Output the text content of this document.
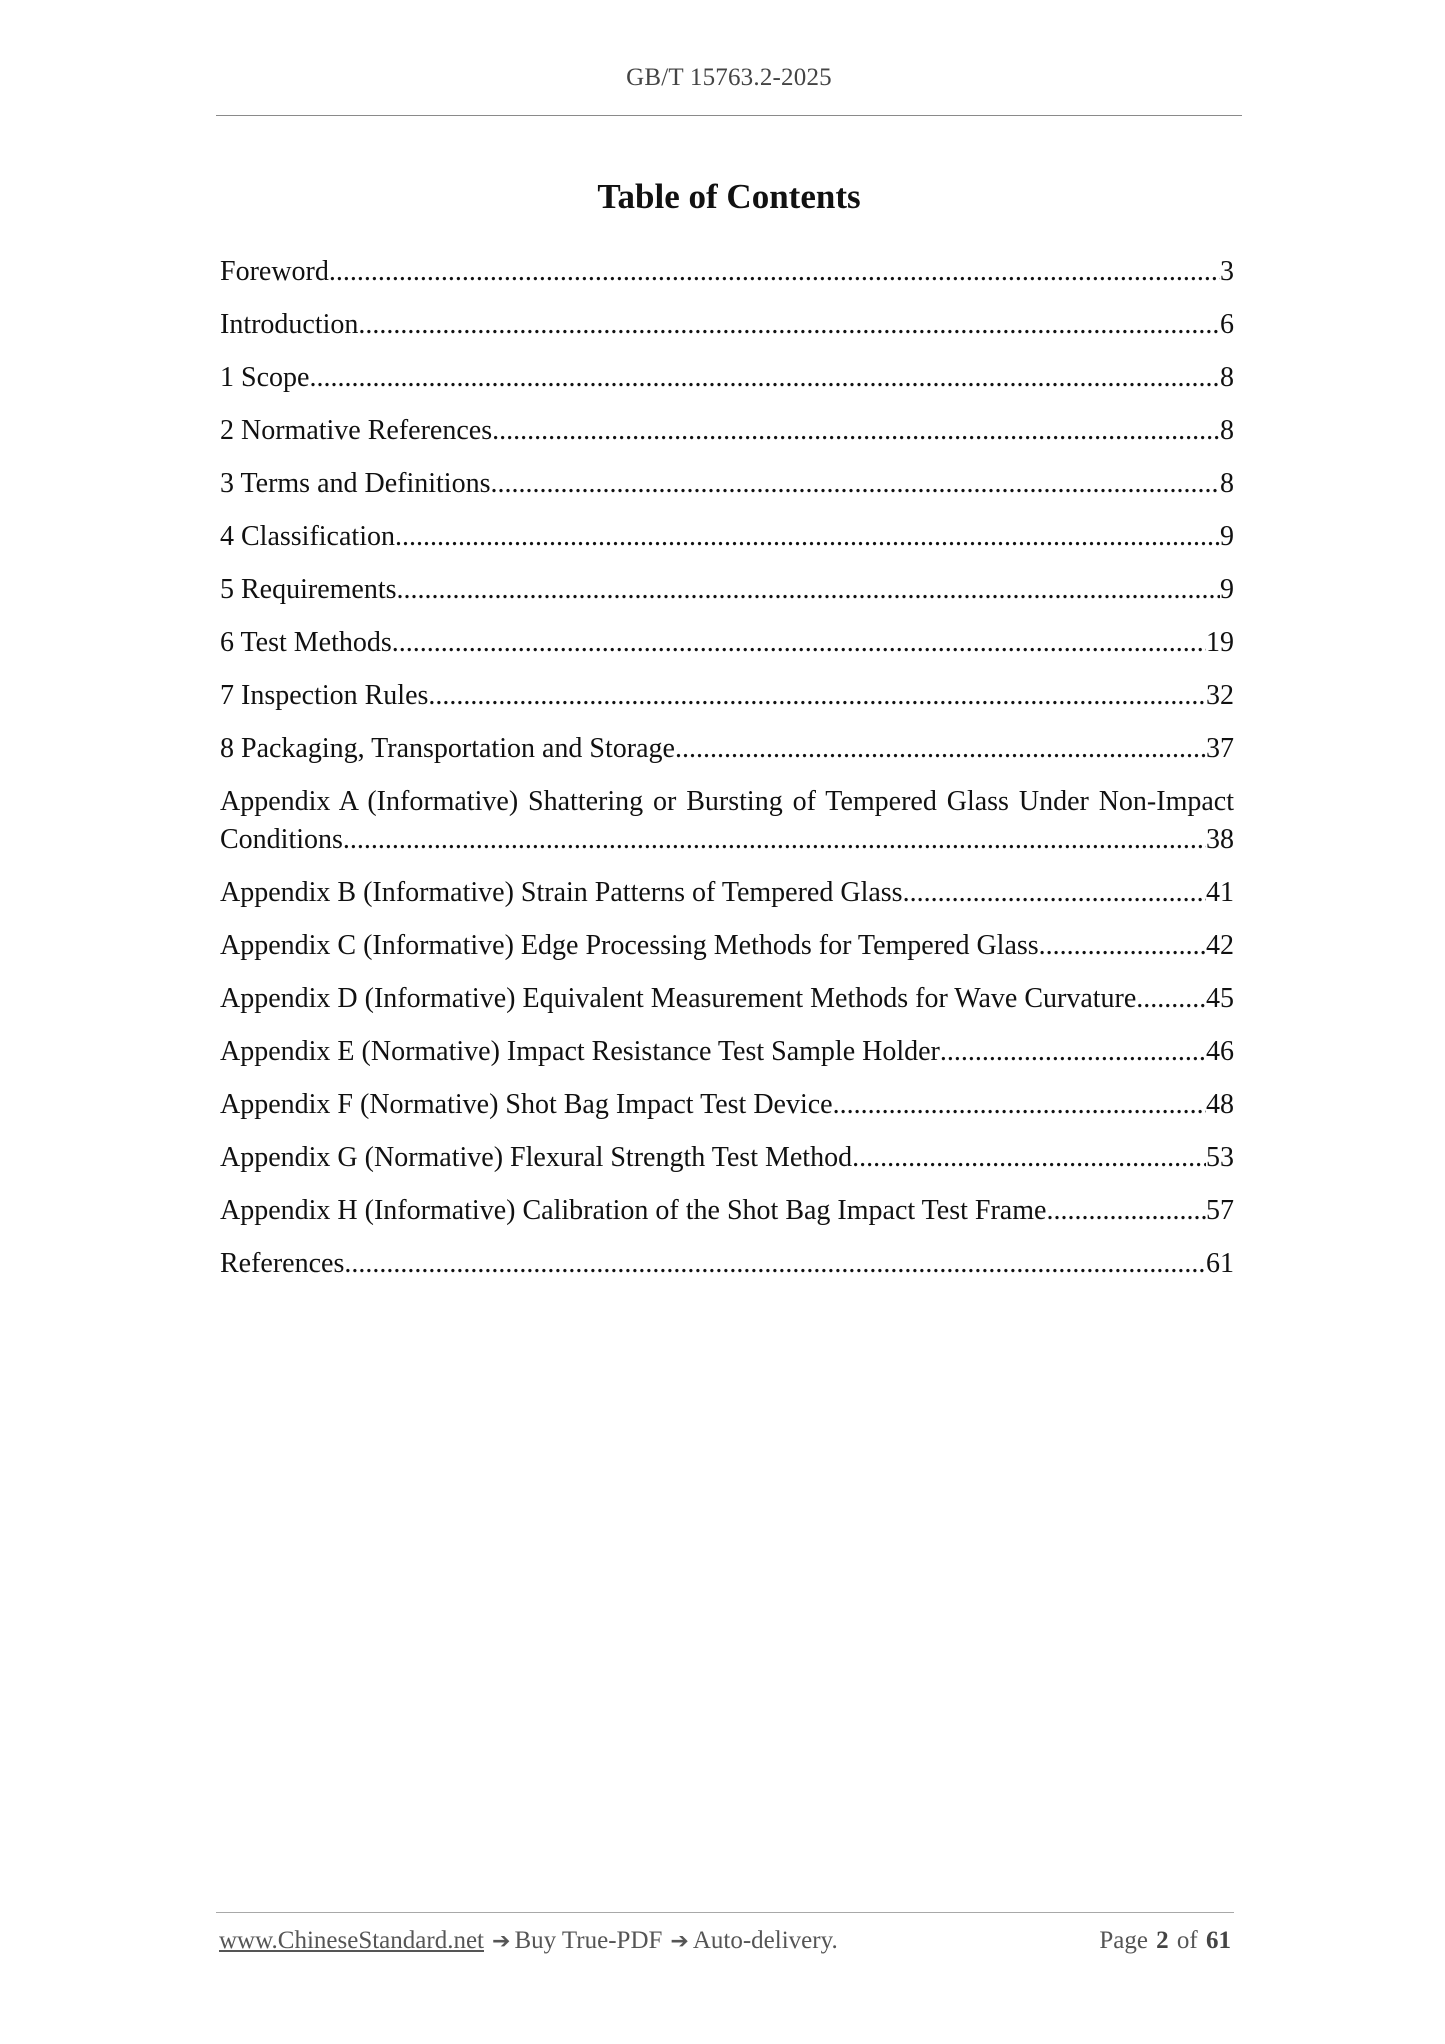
GB/T 15763.2-2025
Table of Contents
Foreword .....	3
Introduction .....	6
1 Scope .....	8
2 Normative References .....	8
3 Terms and Definitions .....	8
4 Classification .....	9
5 Requirements .....	9
6 Test Methods .....	19
7 Inspection Rules .....	32
8 Packaging, Transportation and Storage .....	37
Appendix A (Informative) Shattering or Bursting of Tempered Glass Under Non-Impact
Conditions .....	38
Appendix B (Informative) Strain Patterns of Tempered Glass .....	41
Appendix C (Informative) Edge Processing Methods for Tempered Glass .....	42
Appendix D (Informative) Equivalent Measurement Methods for Wave Curvature ..... 45
Appendix E (Normative) Impact Resistance Test Sample Holder .....	46
Appendix F (Normative) Shot Bag Impact Test Device .....	48
Appendix G (Normative) Flexural Strength Test Method .....	53
Appendix H (Informative) Calibration of the Shot Bag Impact Test Frame .....	57
References .....	61
www.ChineseStandard.net ➔ Buy True-PDF ➔ Auto-delivery.	Page 2 of 61
